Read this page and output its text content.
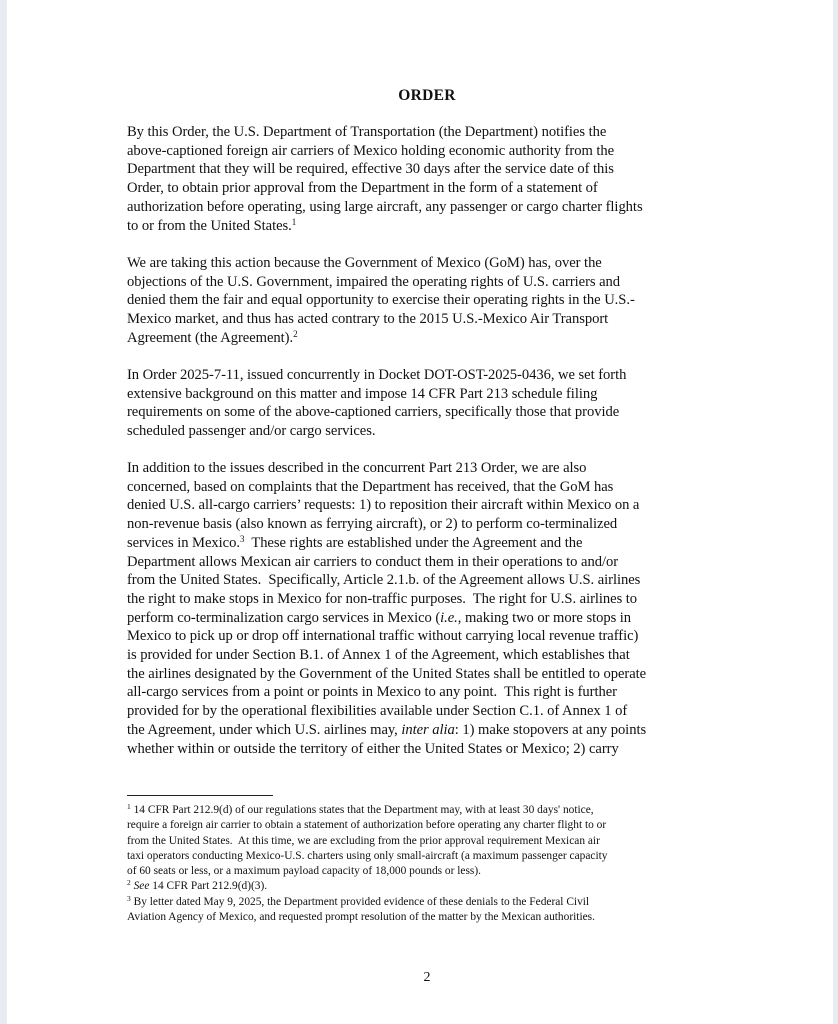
ORDER
By this Order, the U.S. Department of Transportation (the Department) notifies the
above-captioned foreign air carriers of Mexico holding economic authority from the
Department that they will be required, effective 30 days after the service date of this
Order, to obtain prior approval from the Department in the form of a statement of
authorization before operating, using large aircraft, any passenger or cargo charter flights
to or from the United States.$^1$
We are taking this action because the Government of Mexico (GoM) has, over the
objections of the U.S. Government, impaired the operating rights of U.S. carriers and
denied them the fair and equal opportunity to exercise their operating rights in the U.S.-
Mexico market, and thus has acted contrary to the 2015 U.S.-Mexico Air Transport
Agreement (the Agreement).$^2$
In Order 2025-7-11, issued concurrently in Docket DOT-OST-2025-0436, we set forth
extensive background on this matter and impose 14 CFR Part 213 schedule filing
requirements on some of the above-captioned carriers, specifically those that provide
scheduled passenger and/or cargo services.
In addition to the issues described in the concurrent Part 213 Order, we are also
concerned, based on complaints that the Department has received, that the GoM has
denied U.S. all-cargo carriers’ requests: 1) to reposition their aircraft within Mexico on a
non-revenue basis (also known as ferrying aircraft), or 2) to perform co-terminalized
services in Mexico.$^3$  These rights are established under the Agreement and the
Department allows Mexican air carriers to conduct them in their operations to and/or
from the United States.  Specifically, Article 2.1.b. of the Agreement allows U.S. airlines
the right to make stops in Mexico for non-traffic purposes.  The right for U.S. airlines to
perform co-terminalization cargo services in Mexico (i.e., making two or more stops in
Mexico to pick up or drop off international traffic without carrying local revenue traffic)
is provided for under Section B.1. of Annex 1 of the Agreement, which establishes that
the airlines designated by the Government of the United States shall be entitled to operate
all-cargo services from a point or points in Mexico to any point.  This right is further
provided for by the operational flexibilities available under Section C.1. of Annex 1 of
the Agreement, under which U.S. airlines may, inter alia: 1) make stopovers at any points
whether within or outside the territory of either the United States or Mexico; 2) carry
$^1$ 14 CFR Part 212.9(d) of our regulations states that the Department may, with at least 30 days' notice,
require a foreign air carrier to obtain a statement of authorization before operating any charter flight to or
from the United States.  At this time, we are excluding from the prior approval requirement Mexican air
taxi operators conducting Mexico-U.S. charters using only small-aircraft (a maximum passenger capacity
of 60 seats or less, or a maximum payload capacity of 18,000 pounds or less).
$^2$ See 14 CFR Part 212.9(d)(3).
$^3$ By letter dated May 9, 2025, the Department provided evidence of these denials to the Federal Civil
Aviation Agency of Mexico, and requested prompt resolution of the matter by the Mexican authorities.
2
